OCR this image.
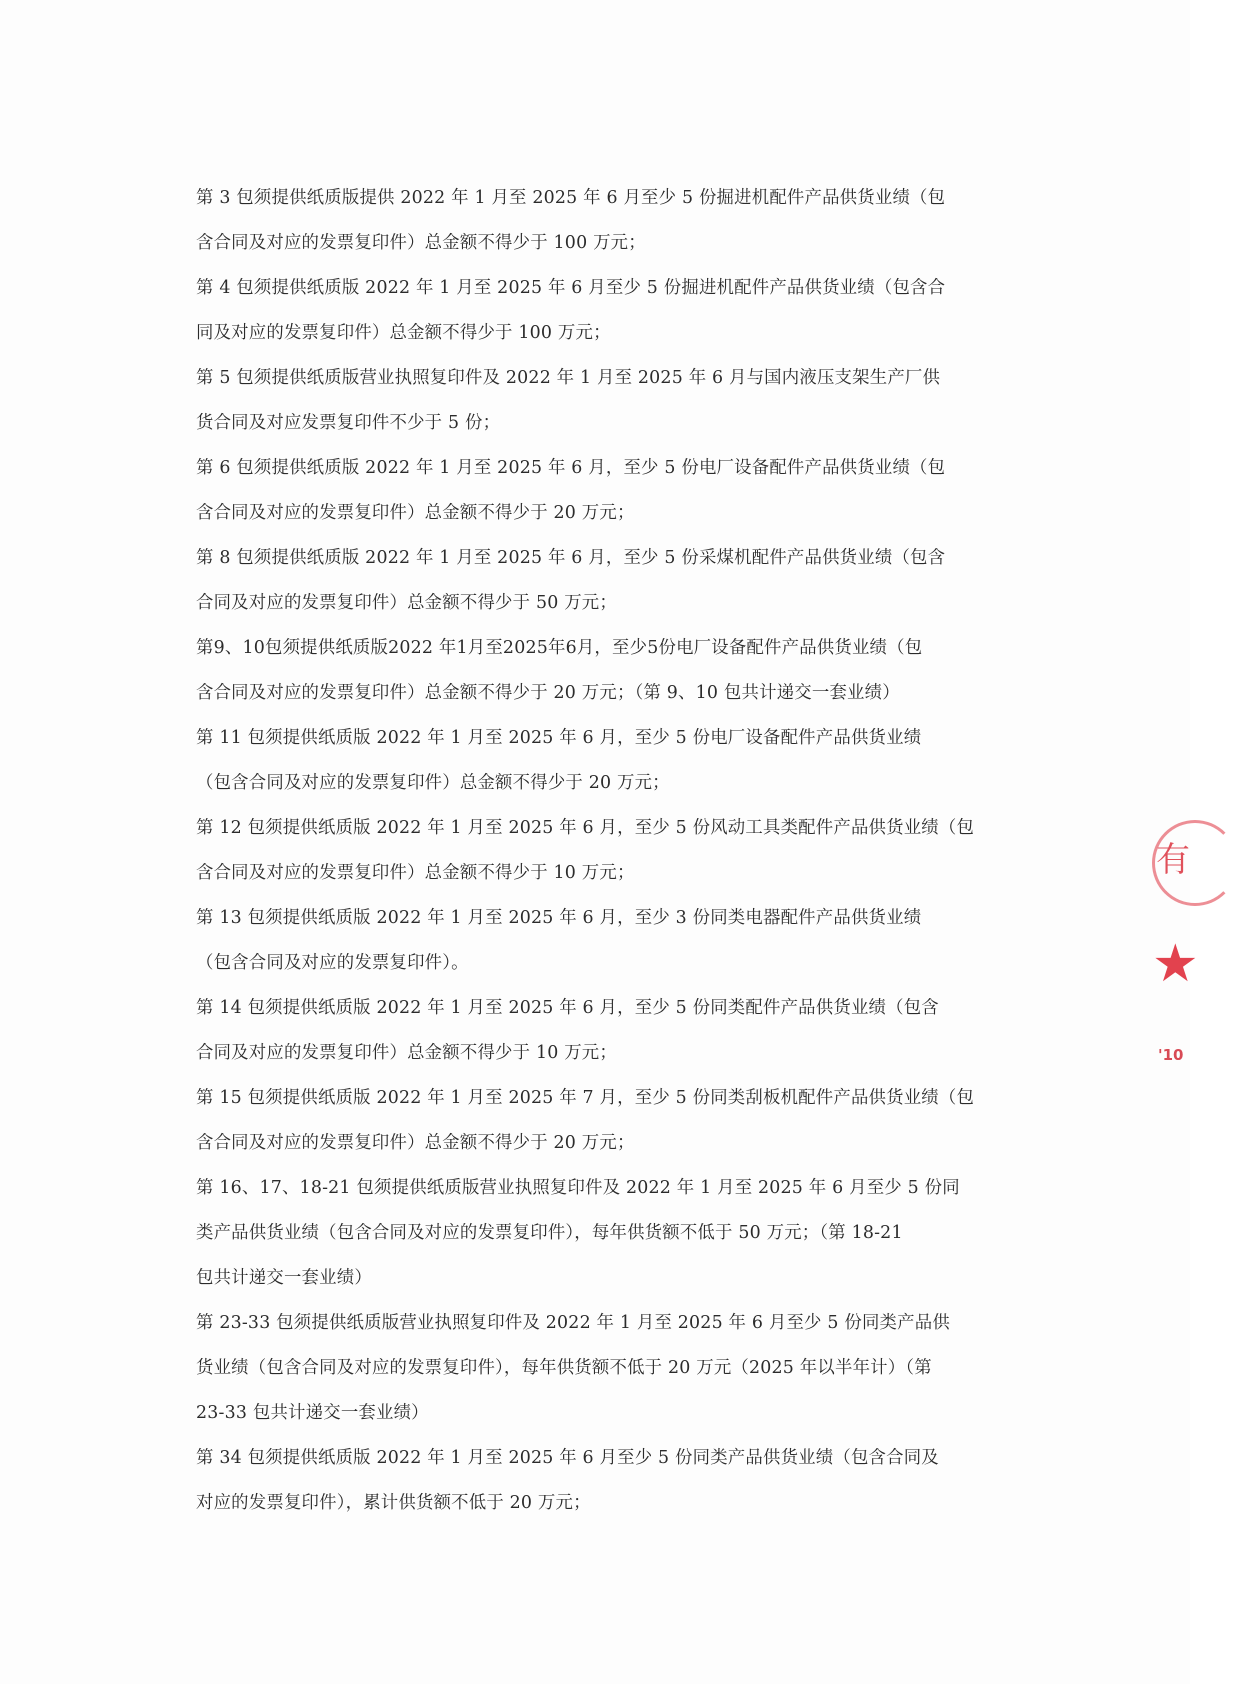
第 3 包须提供纸质版提供 2022 年 1 月至 2025 年 6 月至少 5 份掘进机配件产品供货业绩（包
含合同及对应的发票复印件）总金额不得少于 100 万元；
第 4 包须提供纸质版 2022 年 1 月至 2025 年 6 月至少 5 份掘进机配件产品供货业绩（包含合
同及对应的发票复印件）总金额不得少于 100 万元；
第 5 包须提供纸质版营业执照复印件及 2022 年 1 月至 2025 年 6 月与国内液压支架生产厂供
货合同及对应发票复印件不少于 5 份；
第 6 包须提供纸质版 2022 年 1 月至 2025 年 6 月，至少 5 份电厂设备配件产品供货业绩（包
含合同及对应的发票复印件）总金额不得少于 20 万元；
第 8 包须提供纸质版 2022 年 1 月至 2025 年 6 月，至少 5 份采煤机配件产品供货业绩（包含
合同及对应的发票复印件）总金额不得少于 50 万元；
第9、10包须提供纸质版2022 年1月至2025年6月，至少5份电厂设备配件产品供货业绩（包
含合同及对应的发票复印件）总金额不得少于 20 万元；（第 9、10 包共计递交一套业绩）
第 11 包须提供纸质版 2022 年 1 月至 2025 年 6 月，至少 5 份电厂设备配件产品供货业绩
（包含合同及对应的发票复印件）总金额不得少于 20 万元；
第 12 包须提供纸质版 2022 年 1 月至 2025 年 6 月，至少 5 份风动工具类配件产品供货业绩（包
含合同及对应的发票复印件）总金额不得少于 10 万元；
第 13 包须提供纸质版 2022 年 1 月至 2025 年 6 月，至少 3 份同类电器配件产品供货业绩
（包含合同及对应的发票复印件）。
第 14 包须提供纸质版 2022 年 1 月至 2025 年 6 月，至少 5 份同类配件产品供货业绩（包含
合同及对应的发票复印件）总金额不得少于 10 万元；
第 15 包须提供纸质版 2022 年 1 月至 2025 年 7 月，至少 5 份同类刮板机配件产品供货业绩（包
含合同及对应的发票复印件）总金额不得少于 20 万元；
第 16、17、18-21 包须提供纸质版营业执照复印件及 2022 年 1 月至 2025 年 6 月至少 5 份同
类产品供货业绩（包含合同及对应的发票复印件），每年供货额不低于 50 万元；（第 18-21
包共计递交一套业绩）
第 23-33 包须提供纸质版营业执照复印件及 2022 年 1 月至 2025 年 6 月至少 5 份同类产品供
货业绩（包含合同及对应的发票复印件），每年供货额不低于 20 万元（2025 年以半年计）（第
23-33 包共计递交一套业绩）
第 34 包须提供纸质版 2022 年 1 月至 2025 年 6 月至少 5 份同类产品供货业绩（包含合同及
对应的发票复印件），累计供货额不低于 20 万元；
有
★
'10
